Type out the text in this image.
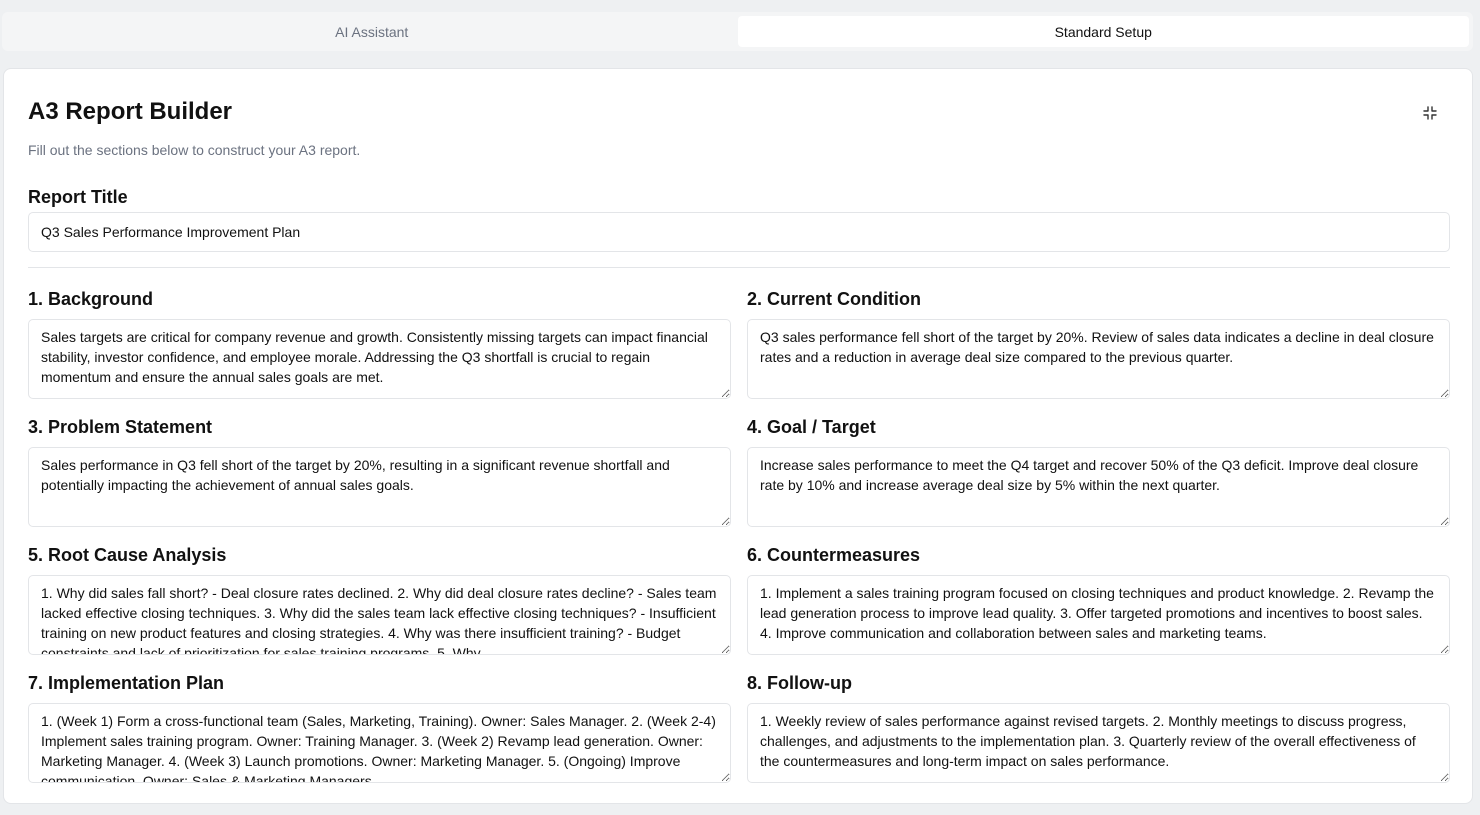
AI Assistant	Standard Setup
A3 Report Builder
Fill out the sections below to construct your A3 report.
Report Title
Q3 Sales Performance Improvement Plan
1. Background
Sales targets are critical for company revenue and growth. Consistently missing targets can impact financial stability, investor confidence, and employee morale. Addressing the Q3 shortfall is crucial to regain momentum and ensure the annual sales goals are met.	2. Current Condition
Q3 sales performance fell short of the target by 20%. Review of sales data indicates a decline in deal closure rates and a reduction in average deal size compared to the previous quarter.
3. Problem Statement
Sales performance in Q3 fell short of the target by 20%, resulting in a significant revenue shortfall and potentially impacting the achievement of annual sales goals.	4. Goal / Target
Increase sales performance to meet the Q4 target and recover 50% of the Q3 deficit. Improve deal closure rate by 10% and increase average deal size by 5% within the next quarter.
5. Root Cause Analysis
1. Why did sales fall short? - Deal closure rates declined. 2. Why did deal closure rates decline? - Sales team lacked effective closing techniques. 3. Why did the sales team lack effective closing techniques? - Insufficient training on new product features and closing strategies. 4. Why was there insufficient training? - Budget constraints and lack of prioritization for sales training programs. 5. Why	6. Countermeasures
1. Implement a sales training program focused on closing techniques and product knowledge. 2. Revamp the lead generation process to improve lead quality. 3. Offer targeted promotions and incentives to boost sales. 4. Improve communication and collaboration between sales and marketing teams.
7. Implementation Plan
1. (Week 1) Form a cross-functional team (Sales, Marketing, Training). Owner: Sales Manager. 2. (Week 2-4) Implement sales training program. Owner: Training Manager. 3. (Week 2) Revamp lead generation. Owner: Marketing Manager. 4. (Week 3) Launch promotions. Owner: Marketing Manager. 5. (Ongoing) Improve communication. Owner: Sales & Marketing Managers.	8. Follow-up
1. Weekly review of sales performance against revised targets. 2. Monthly meetings to discuss progress, challenges, and adjustments to the implementation plan. 3. Quarterly review of the overall effectiveness of the countermeasures and long-term impact on sales performance.
